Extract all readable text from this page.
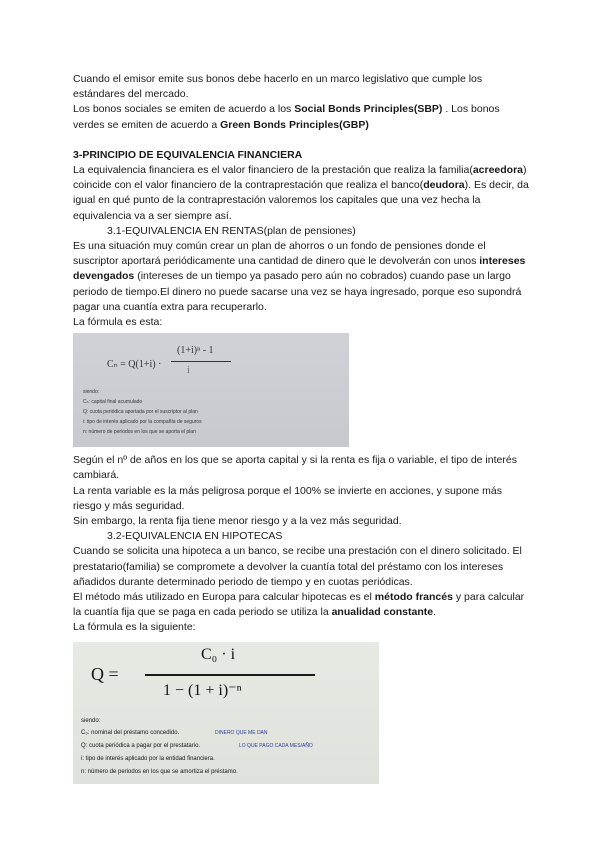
Cuando el emisor emite sus bonos debe hacerlo en un marco legislativo que cumple los estándares del mercado.

Los bonos sociales se emiten de acuerdo a los Social Bonds Principles(SBP) . Los bonos verdes se emiten de acuerdo a Green Bonds Principles(GBP)

3-PRINCIPIO DE EQUIVALENCIA FINANCIERA

La equivalencia financiera es el valor financiero de la prestación que realiza la familia(acreedora) coincide con el valor financiero de la contraprestación que realiza el banco(deudora). Es decir, da igual en qué punto de la contraprestación valoremos los capitales que una vez hecha la equivalencia va a ser siempre así.

3.1-EQUIVALENCIA EN RENTAS(plan de pensiones)

Es una situación muy común crear un plan de ahorros o un fondo de pensiones donde el suscriptor aportará periódicamente una cantidad de dinero que le devolverán con unos intereses devengados (intereses de un tiempo ya pasado pero aún no cobrados) cuando pase un largo periodo de tiempo.El dinero no puede sacarse una vez se haya ingresado, porque eso supondrá pagar una cuantía extra para recuperarlo.

La fórmula es esta:

Cₙ = Q(1+i) ·
(1+i)ⁿ - 1
i
siendo:
Cₙ: capital final acumulado
Q: cuota periódica aportada por el suscriptor al plan
i: tipo de interés aplicado por la compañía de seguros
n: número de periodos en los que se aporta el plan

Según el nº de años en los que se aporta capital y si la renta es fija o variable, el tipo de interés cambiará.

La renta variable es la más peligrosa porque el 100% se invierte en acciones, y supone más riesgo y más seguridad.

Sin embargo, la renta fija tiene menor riesgo y a la vez más seguridad.

3.2-EQUIVALENCIA EN HIPOTECAS

Cuando se solicita una hipoteca a un banco, se recibe una prestación con el dinero solicitado. El prestatario(familia) se compromete a devolver la cuantía total del préstamo con los intereses añadidos durante determinado periodo de tiempo y en cuotas periódicas.

El método más utilizado en Europa para calcular hipotecas es el método francés y para calcular la cuantía fija que se paga en cada periodo se utiliza la anualidad constante.

La fórmula es la siguiente:

Q =
C₀ · i
1 − (1 + i)⁻ⁿ
siendo:
C₀: nominal del préstamo concedido.	DINERO QUE ME DAN
Q: cuota periódica a pagar por el prestatario.	LO QUE PAGO CADA MES/AÑO
i: tipo de interés aplicado por la entidad financiera.
n: número de periodos en los que se amortiza el préstamo.
